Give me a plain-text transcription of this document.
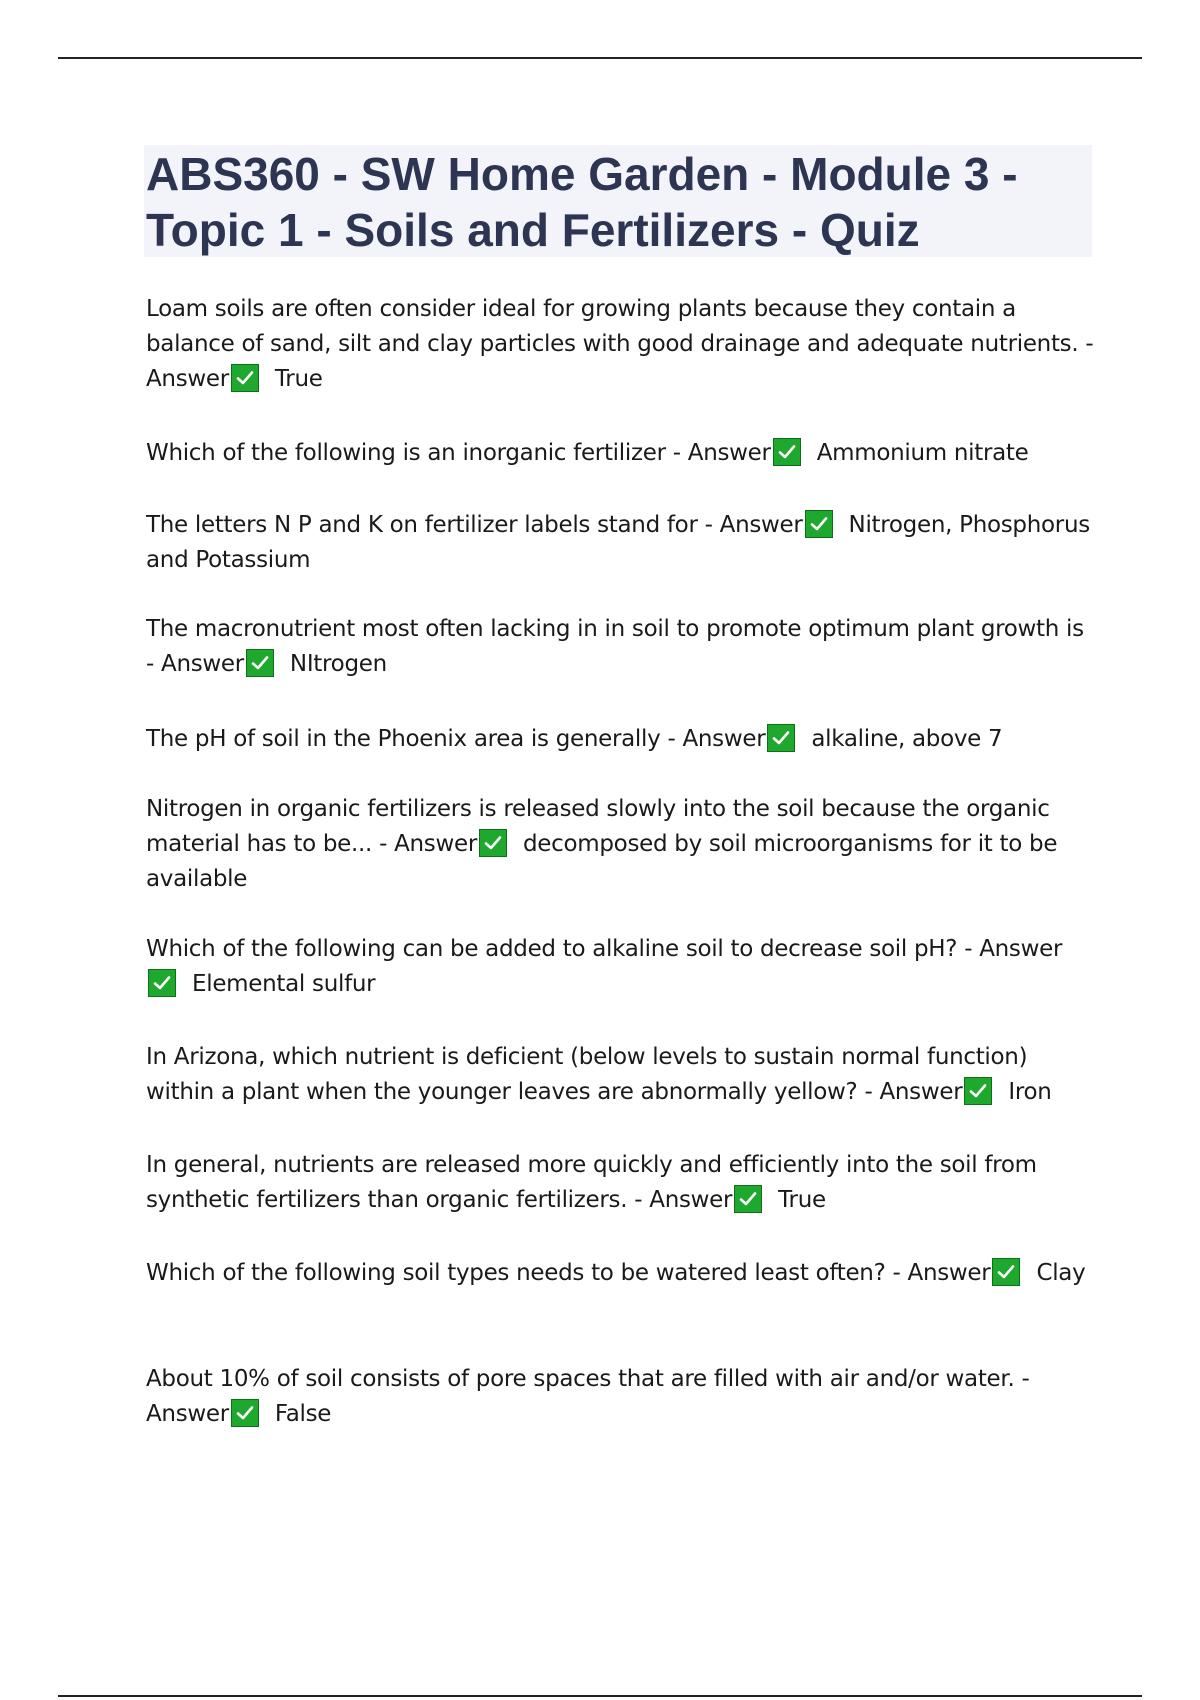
ABS360 - SW Home Garden - Module 3 -
Topic 1 - Soils and Fertilizers - Quiz
Loam soils are often consider ideal for growing plants because they contain a balance of sand, silt and clay particles with good drainage and adequate nutrients. - Answer True
Which of the following is an inorganic fertilizer - Answer Ammonium nitrate
The letters N P and K on fertilizer labels stand for - Answer Nitrogen, Phosphorus and Potassium
The macronutrient most often lacking in in soil to promote optimum plant growth is - Answer NItrogen
The pH of soil in the Phoenix area is generally - Answer alkaline, above 7
Nitrogen in organic fertilizers is released slowly into the soil because the organic material has to be... - Answer decomposed by soil microorganisms for it to be available
Which of the following can be added to alkaline soil to decrease soil pH? - Answer
Elemental sulfur
In Arizona, which nutrient is deficient (below levels to sustain normal function) within a plant when the younger leaves are abnormally yellow? - Answer Iron
In general, nutrients are released more quickly and efficiently into the soil from synthetic fertilizers than organic fertilizers. - Answer True
Which of the following soil types needs to be watered least often? - Answer Clay
About 10% of soil consists of pore spaces that are filled with air and/or water. - Answer False
